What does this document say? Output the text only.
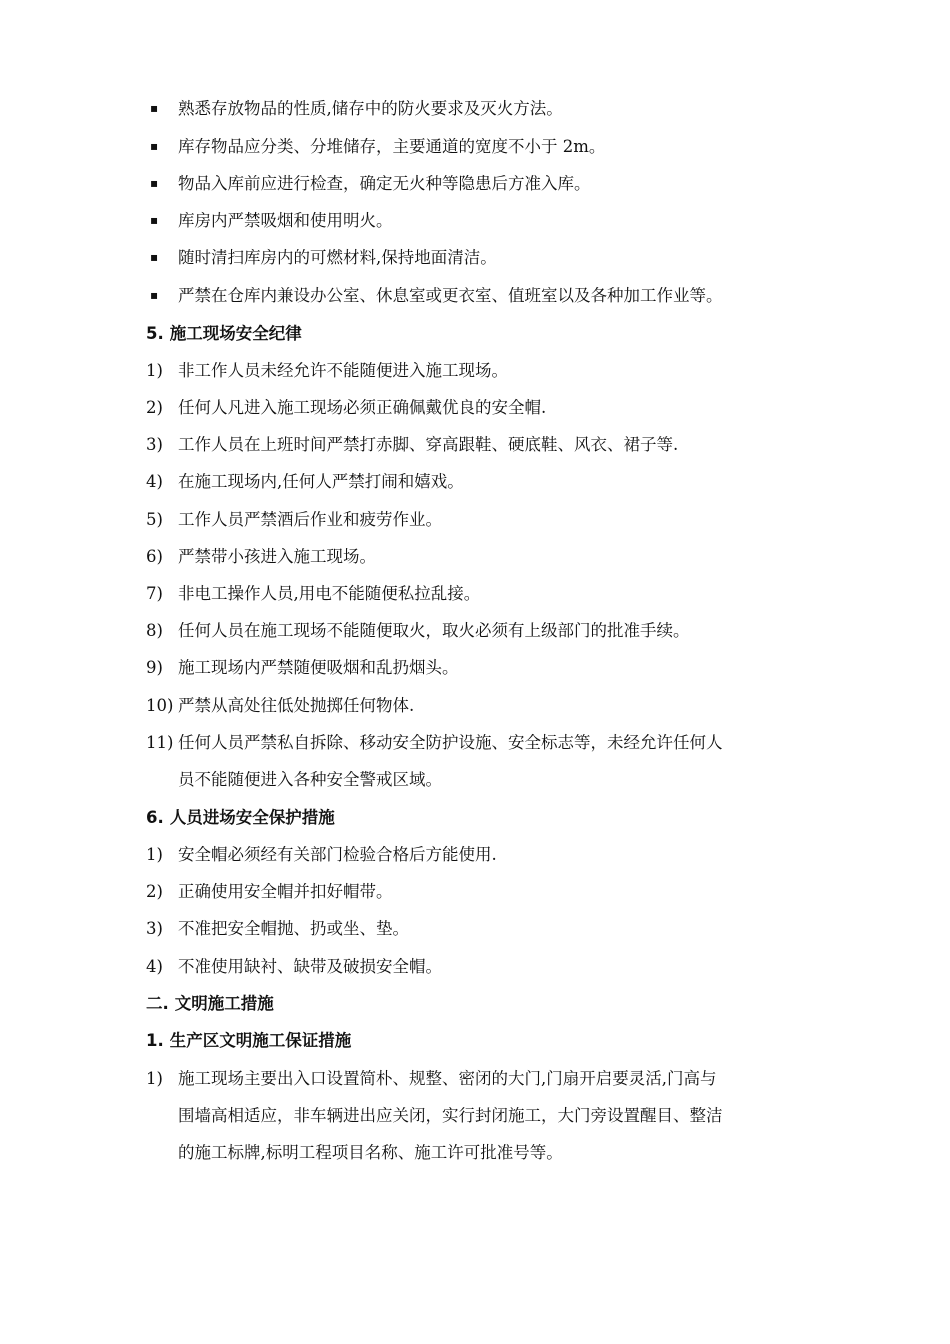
▪ 熟悉存放物品的性质,储存中的防火要求及灭火方法。
▪ 库存物品应分类、分堆储存，主要通道的宽度不小于 2m。
▪ 物品入库前应进行检查，确定无火种等隐患后方准入库。
▪ 库房内严禁吸烟和使用明火。
▪ 随时清扫库房内的可燃材料,保持地面清洁。
▪ 严禁在仓库内兼设办公室、休息室或更衣室、值班室以及各种加工作业等。
5. 施工现场安全纪律
1) 非工作人员未经允许不能随便进入施工现场。
2) 任何人凡进入施工现场必须正确佩戴优良的安全帽.
3) 工作人员在上班时间严禁打赤脚、穿高跟鞋、硬底鞋、风衣、裙子等.
4) 在施工现场内,任何人严禁打闹和嬉戏。
5) 工作人员严禁酒后作业和疲劳作业。
6) 严禁带小孩进入施工现场。
7) 非电工操作人员,用电不能随便私拉乱接。
8) 任何人员在施工现场不能随便取火，取火必须有上级部门的批准手续。
9) 施工现场内严禁随便吸烟和乱扔烟头。
10) 严禁从高处往低处抛掷任何物体.
11) 任何人员严禁私自拆除、移动安全防护设施、安全标志等，未经允许任何人
员不能随便进入各种安全警戒区域。
6. 人员进场安全保护措施
1) 安全帽必须经有关部门检验合格后方能使用.
2) 正确使用安全帽并扣好帽带。
3) 不准把安全帽抛、扔或坐、垫。
4) 不准使用缺衬、缺带及破损安全帽。
二. 文明施工措施
1. 生产区文明施工保证措施
1) 施工现场主要出入口设置简朴、规整、密闭的大门,门扇开启要灵活,门高与
围墙高相适应，非车辆进出应关闭，实行封闭施工，大门旁设置醒目、整洁
的施工标牌,标明工程项目名称、施工许可批准号等。
